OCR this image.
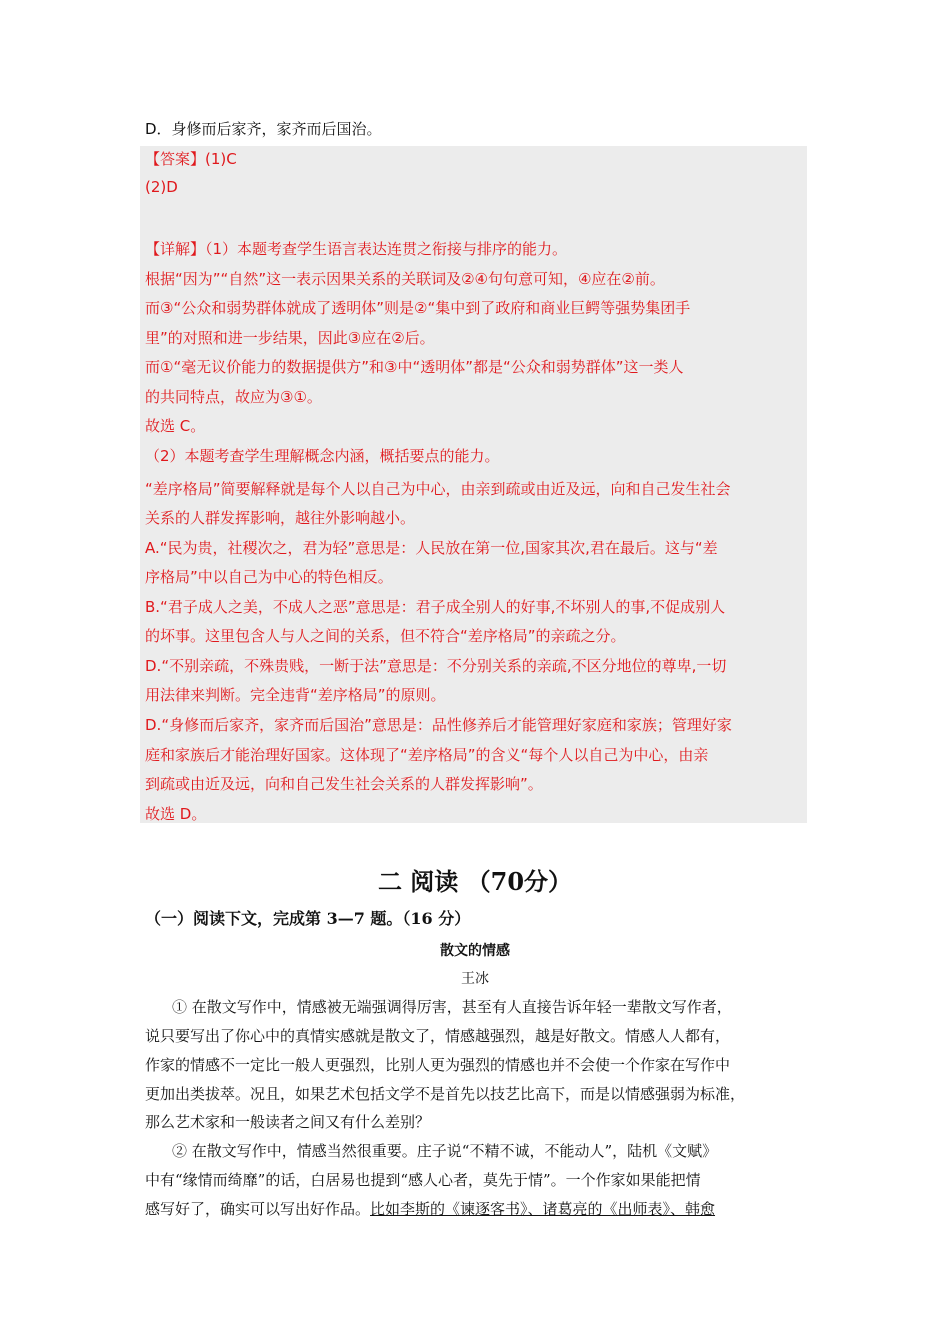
D．身修而后家齐，家齐而后国治。
【答案】(1)C
(2)D
【详解】（1）本题考查学生语言表达连贯之衔接与排序的能力。
根据“因为”“自然”这一表示因果关系的关联词及②④句句意可知，④应在②前。
而③“公众和弱势群体就成了透明体”则是②“集中到了政府和商业巨鳄等强势集团手
里”的对照和进一步结果，因此③应在②后。
而①“毫无议价能力的数据提供方”和③中“透明体”都是“公众和弱势群体”这一类人
的共同特点，故应为③①。
故选 C。
（2）本题考查学生理解概念内涵，概括要点的能力。
“差序格局”简要解释就是每个人以自己为中心，由亲到疏或由近及远，向和自己发生社会
关系的人群发挥影响，越往外影响越小。
A.“民为贵，社稷次之，君为轻”意思是：人民放在第一位,国家其次,君在最后。这与“差
序格局”中以自己为中心的特色相反。
B.“君子成人之美，不成人之恶”意思是：君子成全别人的好事,不坏别人的事,不促成别人
的坏事。这里包含人与人之间的关系，但不符合“差序格局”的亲疏之分。
D.“不别亲疏，不殊贵贱，一断于法”意思是：不分别关系的亲疏,不区分地位的尊卑,一切
用法律来判断。完全违背“差序格局”的原则。
D.“身修而后家齐，家齐而后国治”意思是：品性修养后才能管理好家庭和家族；管理好家
庭和家族后才能治理好国家。这体现了“差序格局”的含义“每个人以自己为中心，由亲
到疏或由近及远，向和自己发生社会关系的人群发挥影响”。
故选 D。
二 阅读 （70分）
（一）阅读下文，完成第 3—7 题。（16 分）
散文的情感
王冰
① 在散文写作中，情感被无端强调得厉害，甚至有人直接告诉年轻一辈散文写作者，
说只要写出了你心中的真情实感就是散文了，情感越强烈，越是好散文。情感人人都有，
作家的情感不一定比一般人更强烈，比别人更为强烈的情感也并不会使一个作家在写作中
更加出类拔萃。况且，如果艺术包括文学不是首先以技艺比高下，而是以情感强弱为标准，
那么艺术家和一般读者之间又有什么差别？
② 在散文写作中，情感当然很重要。庄子说“不精不诚，不能动人”，陆机《文赋》
中有“缘情而绮靡”的话，白居易也提到“感人心者，莫先于情”。一个作家如果能把情
感写好了，确实可以写出好作品。比如李斯的《谏逐客书》、诸葛亮的《出师表》、韩愈
